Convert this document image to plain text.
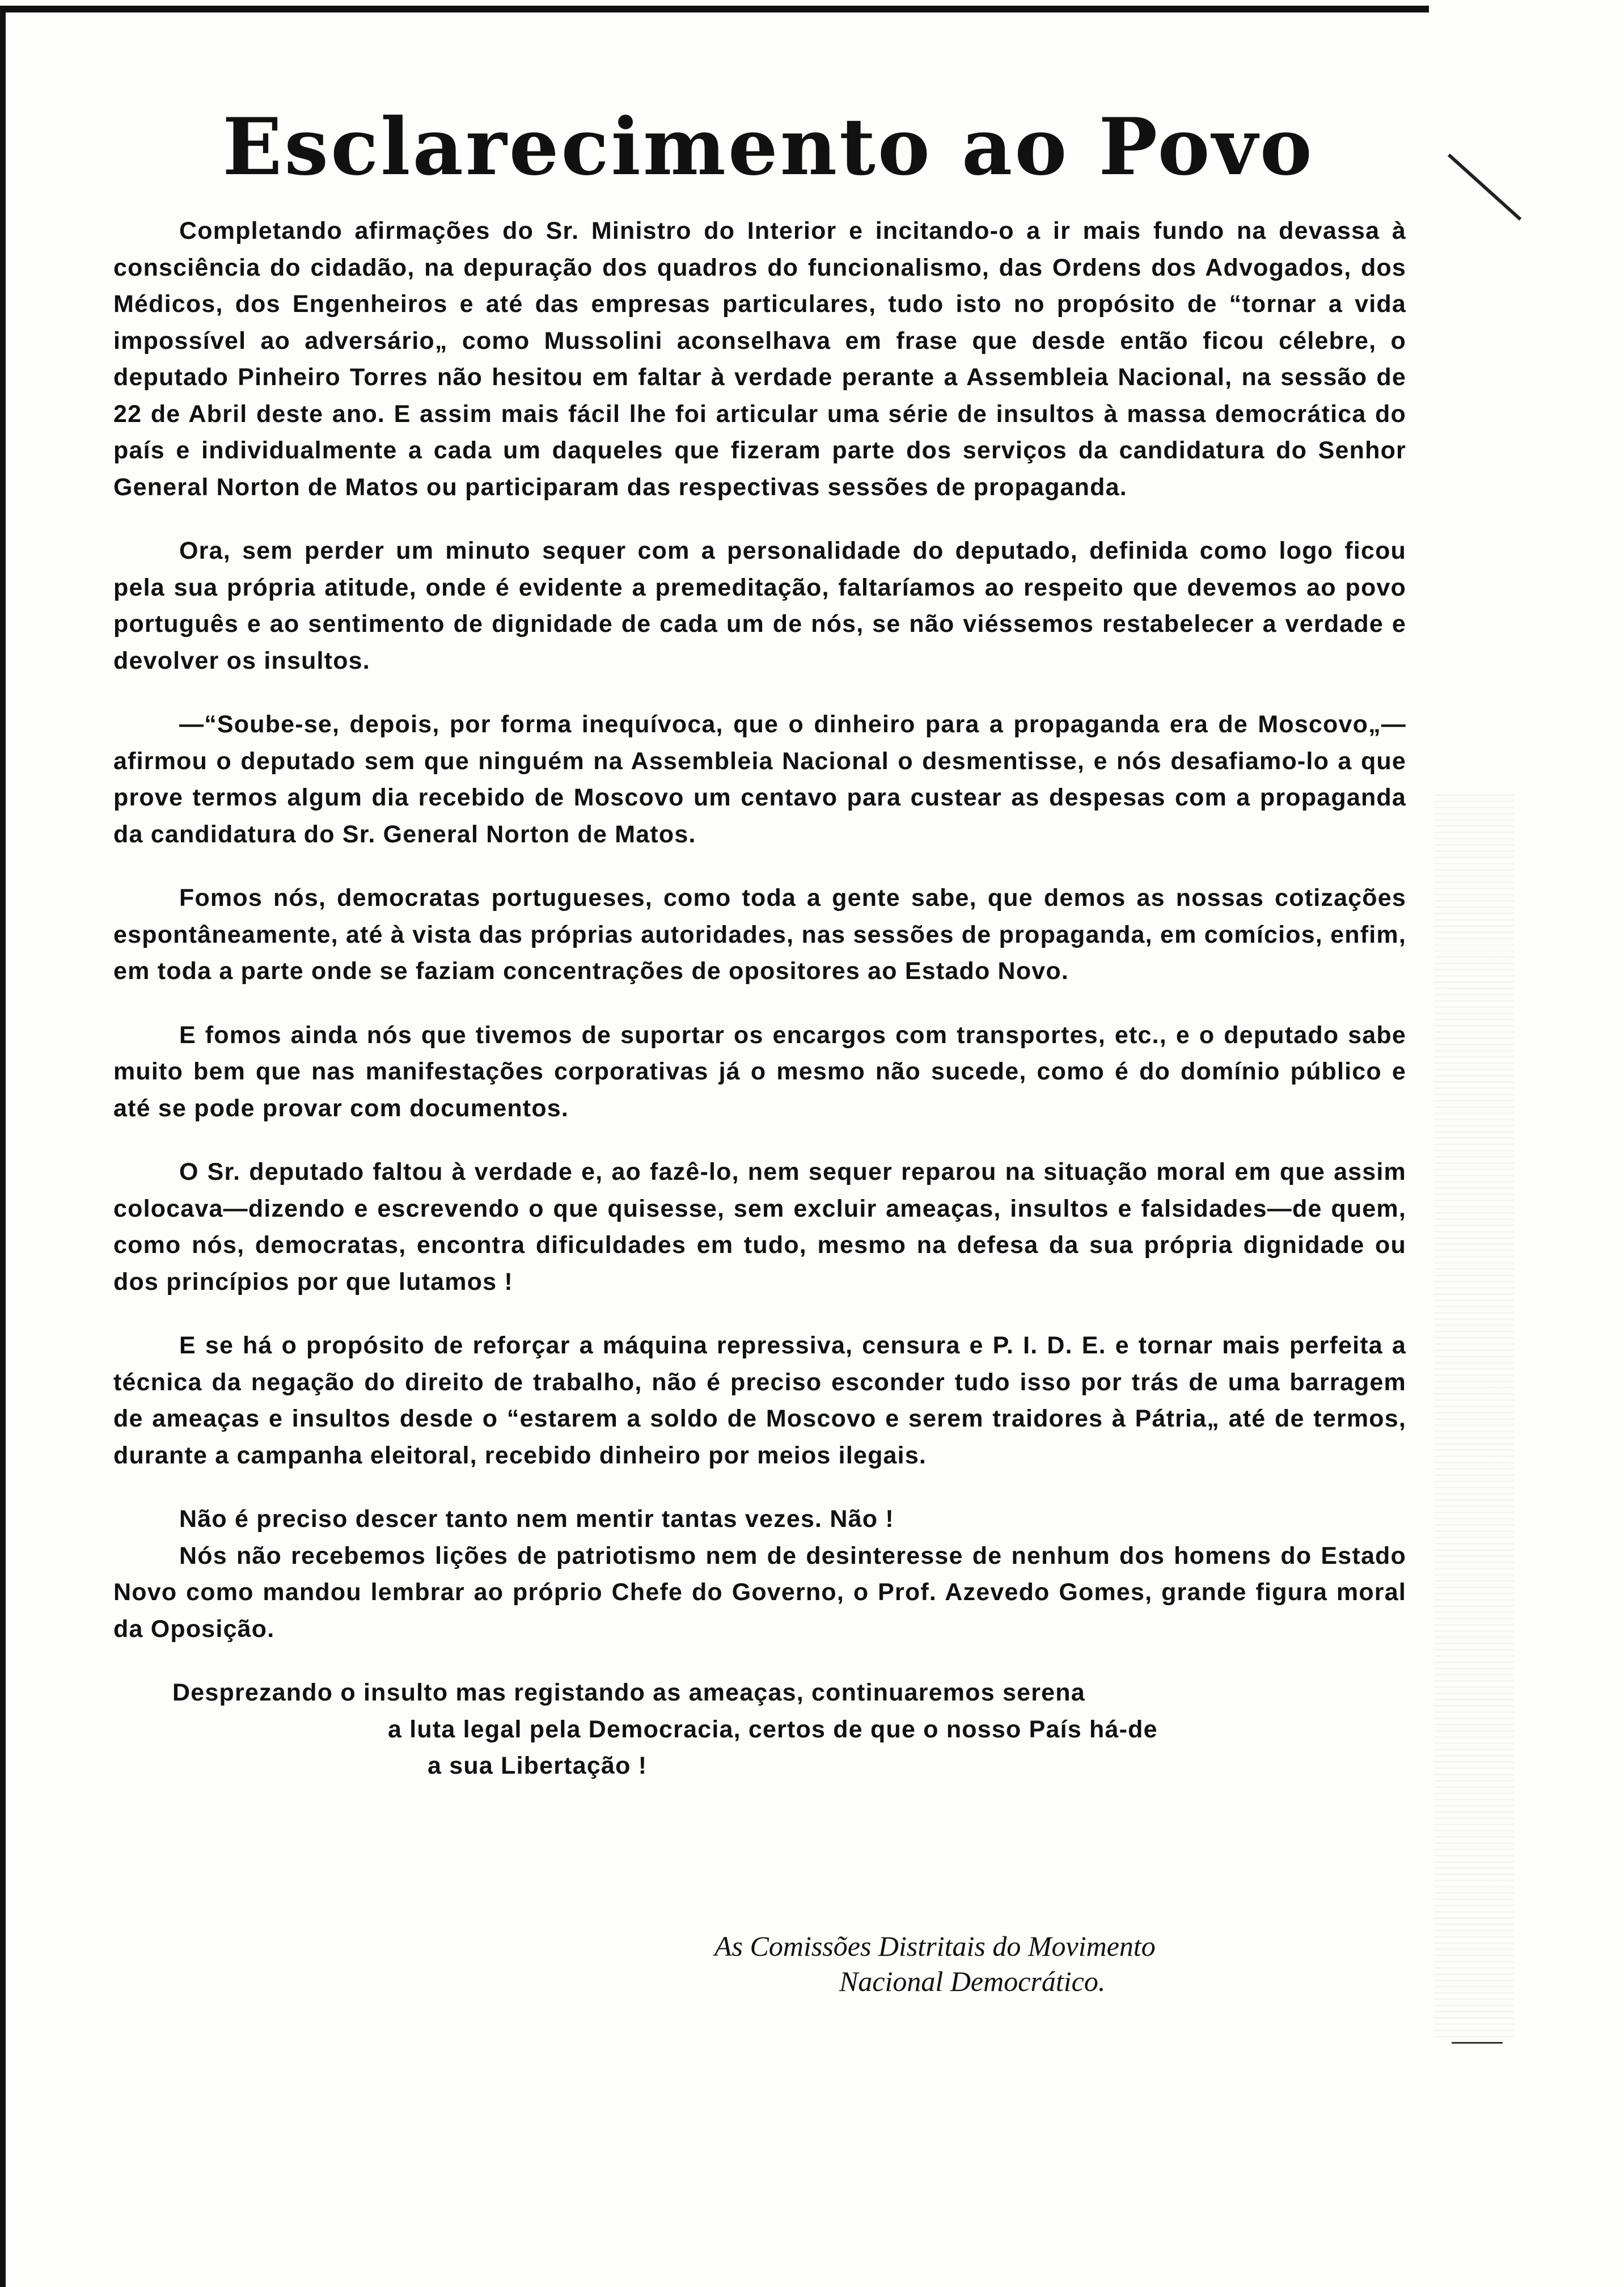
Esclarecimento ao Povo

Completando afirmações do Sr. Ministro do Interior e incitando-o a ir mais fundo na devassa à consciência do cidadão, na depuração dos quadros do funcionalismo, das Ordens dos Advogados, dos Médicos, dos Engenheiros e até das empresas particulares, tudo isto no propósito de “tornar a vida impossível ao adversário„ como Mussolini aconselhava em frase que desde então ficou célebre, o deputado Pinheiro Torres não hesitou em faltar à verdade perante a Assembleia Nacional, na sessão de 22 de Abril deste ano. E assim mais fácil lhe foi articular uma série de insultos à massa democrática do país e individualmente a cada um daqueles que fizeram parte dos serviços da candidatura do Senhor General Norton de Matos ou participaram das respectivas sessões de propaganda.

Ora, sem perder um minuto sequer com a personalidade do deputado, definida como logo ficou pela sua própria atitude, onde é evidente a premeditação, faltaríamos ao respeito que devemos ao povo português e ao sentimento de dignidade de cada um de nós, se não viéssemos restabelecer a verdade e devolver os insultos.

—“Soube-se, depois, por forma inequívoca, que o dinheiro para a propaganda era de Moscovo„—afirmou o deputado sem que ninguém na Assembleia Nacional o desmentisse, e nós desafiamo-lo a que prove termos algum dia recebido de Moscovo um centavo para custear as despesas com a propaganda da candidatura do Sr. General Norton de Matos.

Fomos nós, democratas portugueses, como toda a gente sabe, que demos as nossas cotizações espontâneamente, até à vista das próprias autoridades, nas sessões de propaganda, em comícios, enfim, em toda a parte onde se faziam concentrações de opositores ao Estado Novo.

E fomos ainda nós que tivemos de suportar os encargos com transportes, etc., e o deputado sabe muito bem que nas manifestações corporativas já o mesmo não sucede, como é do domínio público e até se pode provar com documentos.

O Sr. deputado faltou à verdade e, ao fazê-lo, nem sequer reparou na situação moral em que assim colocava—dizendo e escrevendo o que quisesse, sem excluir ameaças, insultos e falsidades—de quem, como nós, democratas, encontra dificuldades em tudo, mesmo na defesa da sua própria dignidade ou dos princípios por que lutamos !

E se há o propósito de reforçar a máquina repressiva, censura e P. I. D. E. e tornar mais perfeita a técnica da negação do direito de trabalho, não é preciso esconder tudo isso por trás de uma barragem de ameaças e insultos desde o “estarem a soldo de Moscovo e serem traidores à Pátria„ até de termos, durante a campanha eleitoral, recebido dinheiro por meios ilegais.

Não é preciso descer tanto nem mentir tantas vezes. Não !

Nós não recebemos lições de patriotismo nem de desinteresse de nenhum dos homens do Estado Novo como mandou lembrar ao próprio Chefe do Governo, o Prof. Azevedo Gomes, grande figura moral da Oposição.

Desprezando o insulto mas registando as ameaças, continuaremos serena
a luta legal pela Democracia, certos de que o nosso País há-de
a sua Libertação !

As Comissões Distritais do Movimento
Nacional Democrático.
